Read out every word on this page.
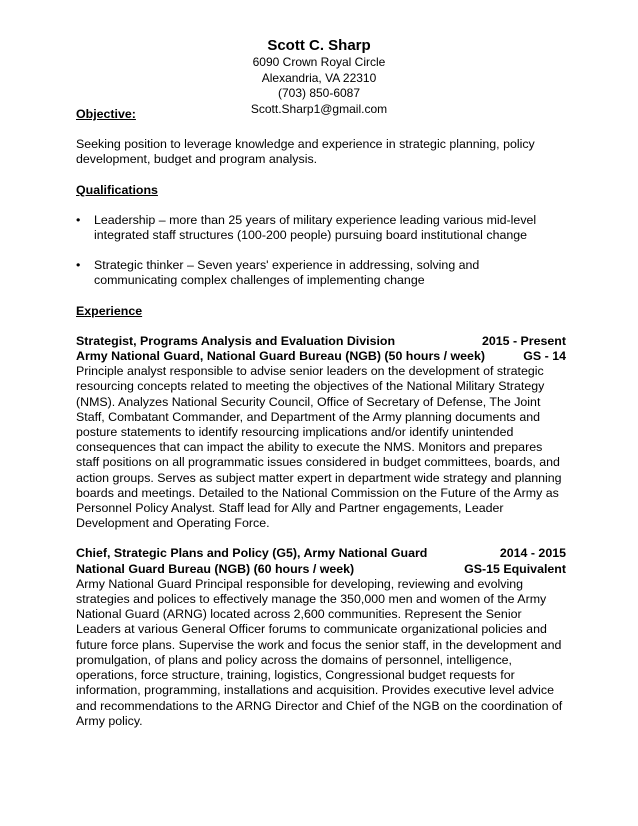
Scott C. Sharp
6090 Crown Royal Circle
Alexandria, VA 22310
(703) 850-6087
Scott.Sharp1@gmail.com

Objective:

Seeking position to leverage knowledge and experience in strategic planning, policy development, budget and program analysis.

Qualifications

• Leadership – more than 25 years of military experience leading various mid-level integrated staff structures (100-200 people) pursuing board institutional change
• Strategic thinker – Seven years' experience in addressing, solving and communicating complex challenges of implementing change

Experience

Strategist, Programs Analysis and Evaluation Division	2015 - Present
Army National Guard, National Guard Bureau (NGB) (50 hours / week)	GS - 14

Principle analyst responsible to advise senior leaders on the development of strategic resourcing concepts related to meeting the objectives of the National Military Strategy (NMS). Analyzes National Security Council, Office of Secretary of Defense, The Joint Staff, Combatant Commander, and Department of the Army planning documents and posture statements to identify resourcing implications and/or identify unintended consequences that can impact the ability to execute the NMS. Monitors and prepares staff positions on all programmatic issues considered in budget committees, boards, and action groups. Serves as subject matter expert in department wide strategy and planning boards and meetings. Detailed to the National Commission on the Future of the Army as Personnel Policy Analyst. Staff lead for Ally and Partner engagements, Leader Development and Operating Force.

Chief, Strategic Plans and Policy (G5), Army National Guard	2014 - 2015
National Guard Bureau (NGB) (60 hours / week)	GS-15 Equivalent

Army National Guard Principal responsible for developing, reviewing and evolving strategies and polices to effectively manage the 350,000 men and women of the Army National Guard (ARNG) located across 2,600 communities. Represent the Senior Leaders at various General Officer forums to communicate organizational policies and future force plans. Supervise the work and focus the senior staff, in the development and promulgation, of plans and policy across the domains of personnel, intelligence, operations, force structure, training, logistics, Congressional budget requests for information, programming, installations and acquisition. Provides executive level advice and recommendations to the ARNG Director and Chief of the NGB on the coordination of Army policy.
